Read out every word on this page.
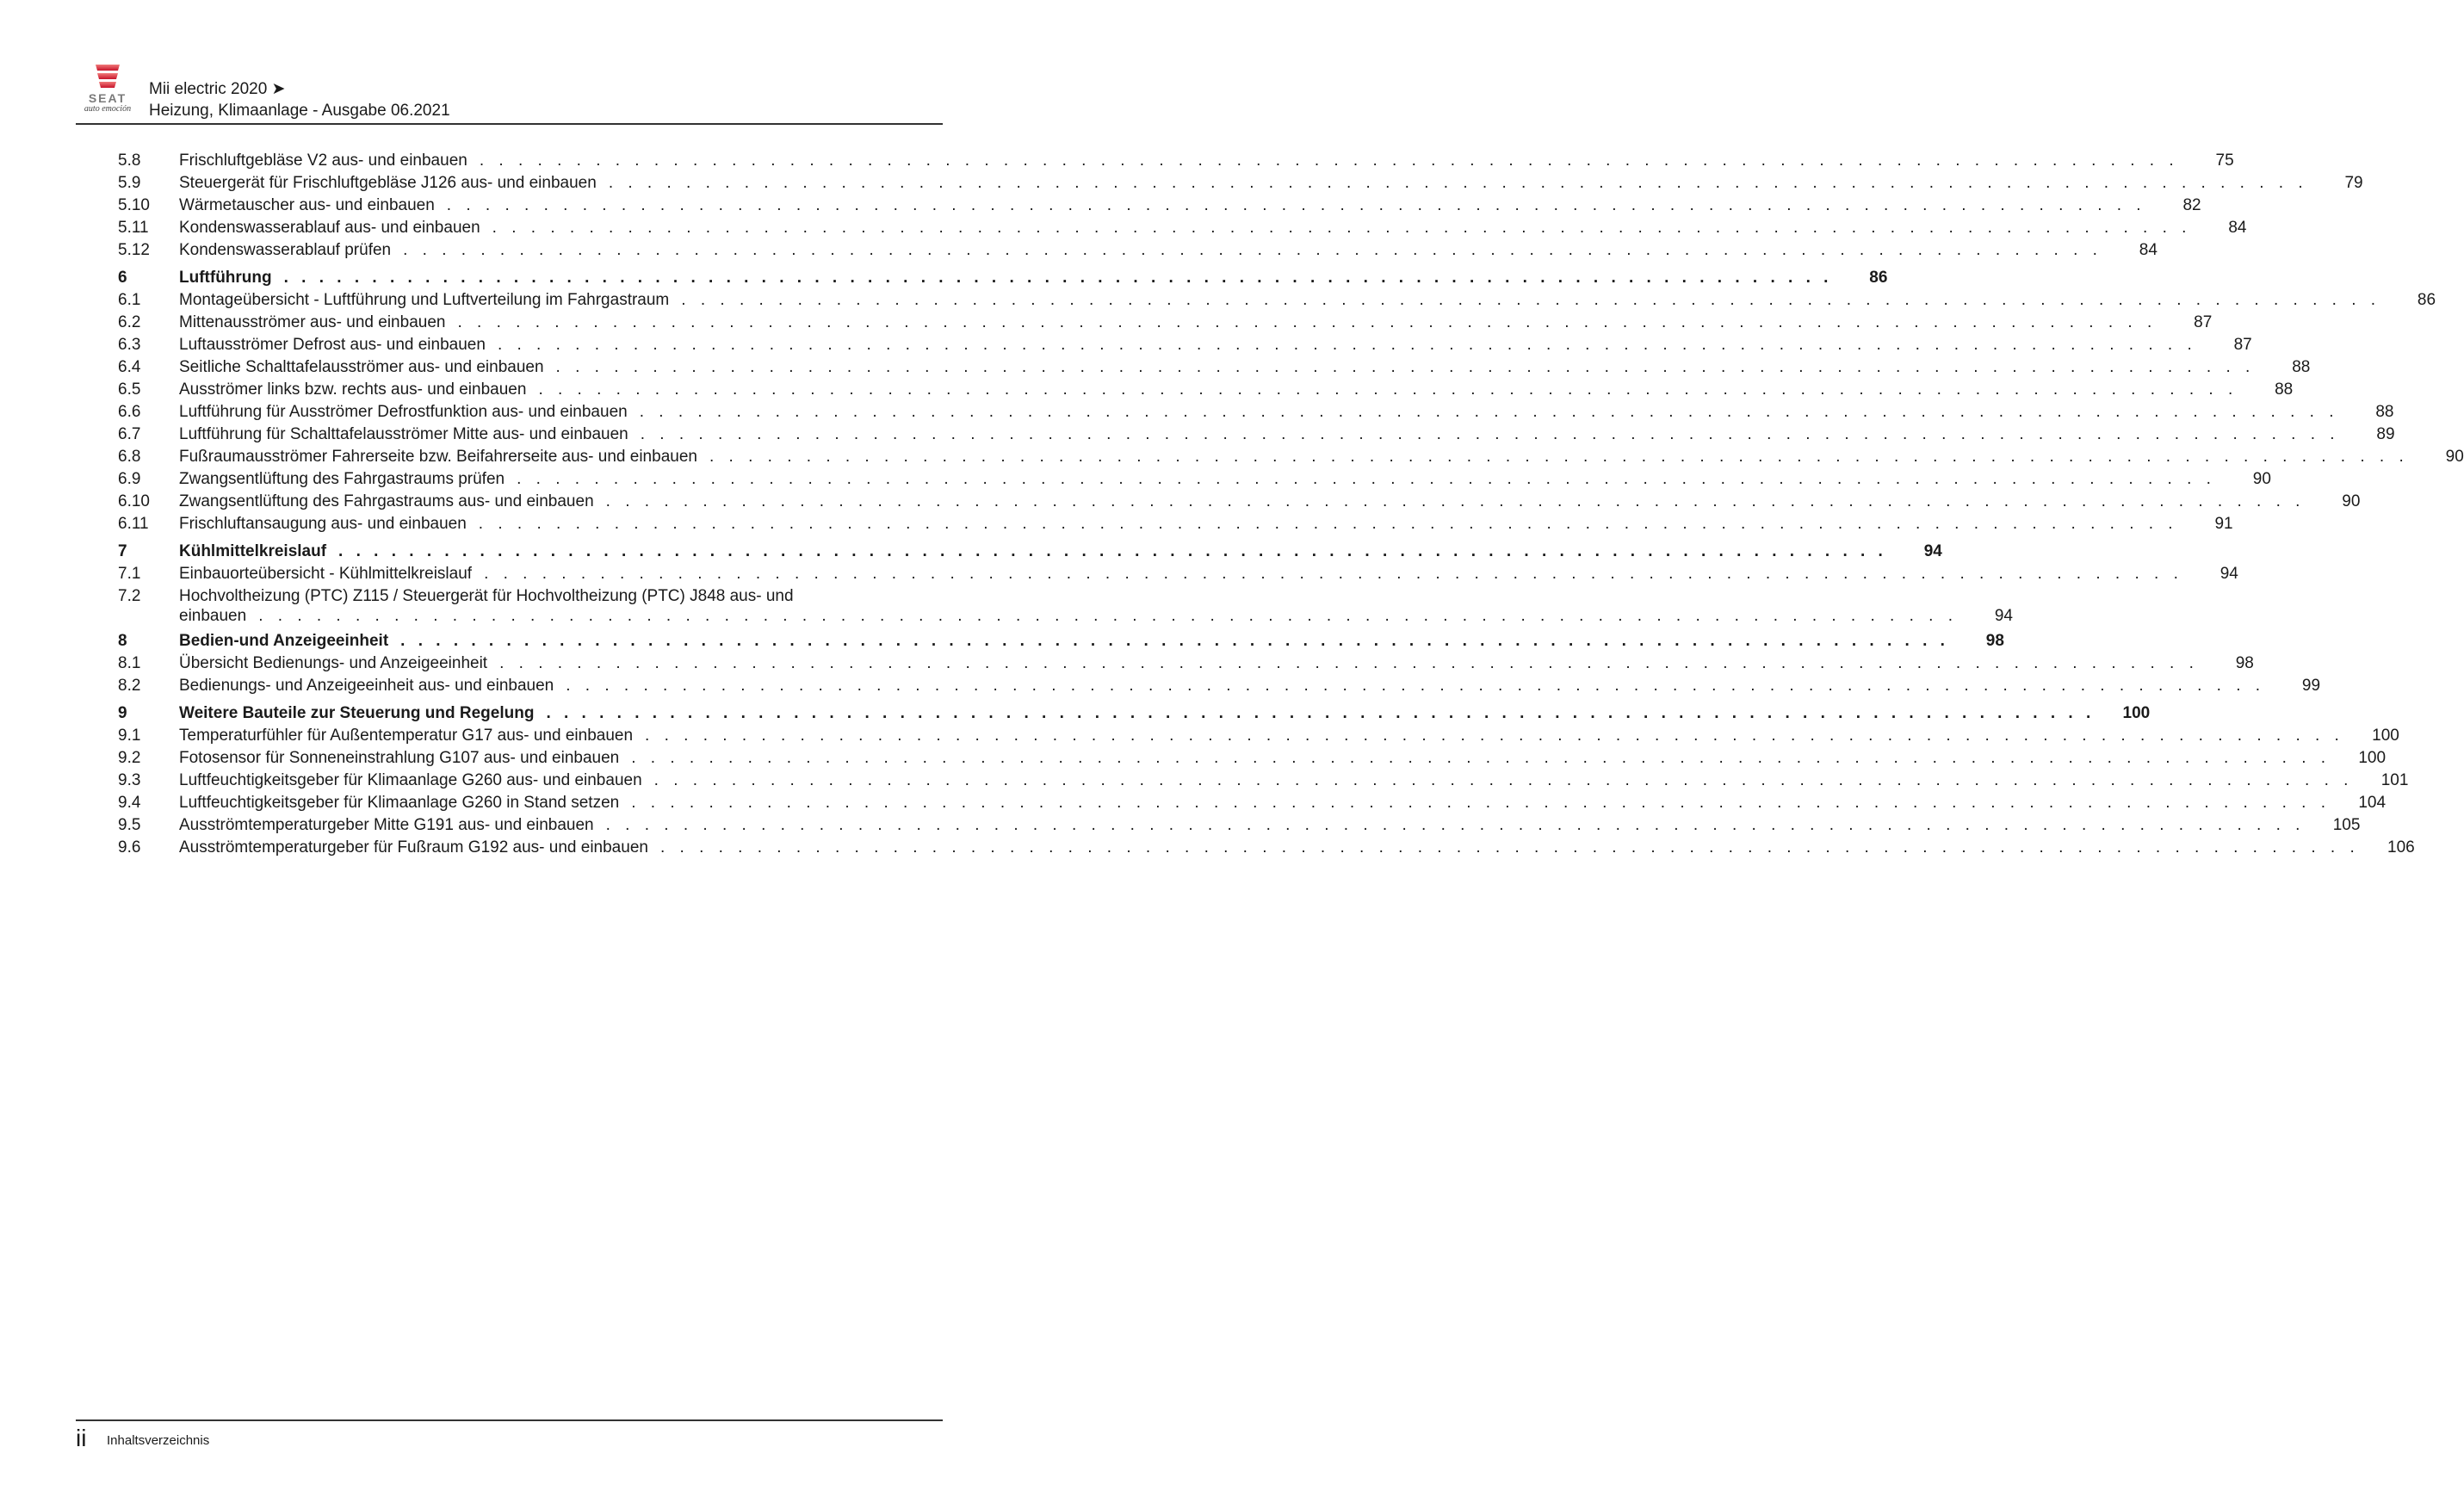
SEAT
auto emoción
Mii electric 2020 ➤
Heizung, Klimaanlage - Ausgabe 06.2021
5.8	Frischluftgebläse V2 aus- und einbauen . . . . . . . . . . . . . . . . . . . . . . . . . . . . . . . . . . . . . . . . . . . . . . . . . . . . . . . . . . . . . . . . . . . . . . . . . . . . . . . . . . . . . . . .	75
5.9	Steuergerät für Frischluftgebläse J126 aus- und einbauen . . . . . . . . . . . . . . . . . . . . . . . . . . . . . . . . . . . . . . . . . . . . . . . . . . . . . . . . . . . . . . . . . . . . . . . . . . . . . . . . . . . . . . . .	79
5.10	Wärmetauscher aus- und einbauen . . . . . . . . . . . . . . . . . . . . . . . . . . . . . . . . . . . . . . . . . . . . . . . . . . . . . . . . . . . . . . . . . . . . . . . . . . . . . . . . . . . . . . . .	82
5.11	Kondenswasserablauf aus- und einbauen . . . . . . . . . . . . . . . . . . . . . . . . . . . . . . . . . . . . . . . . . . . . . . . . . . . . . . . . . . . . . . . . . . . . . . . . . . . . . . . . . . . . . . . .	84
5.12	Kondenswasserablauf prüfen . . . . . . . . . . . . . . . . . . . . . . . . . . . . . . . . . . . . . . . . . . . . . . . . . . . . . . . . . . . . . . . . . . . . . . . . . . . . . . . . . . . . . . . .	84
6	Luftführung . . . . . . . . . . . . . . . . . . . . . . . . . . . . . . . . . . . . . . . . . . . . . . . . . . . . . . . . . . . . . . . . . . . . . . . . . . . . . . . . . . . . . . . .	86
6.1	Montageübersicht - Luftführung und Luftverteilung im Fahrgastraum . . . . . . . . . . . . . . . . . . . . . . . . . . . . . . . . . . . . . . . . . . . . . . . . . . . . . . . . . . . . . . . . . . . . . . . . . . . . . . . . . . . . . . . .	86
6.2	Mittenausströmer aus- und einbauen . . . . . . . . . . . . . . . . . . . . . . . . . . . . . . . . . . . . . . . . . . . . . . . . . . . . . . . . . . . . . . . . . . . . . . . . . . . . . . . . . . . . . . . .	87
6.3	Luftausströmer Defrost aus- und einbauen . . . . . . . . . . . . . . . . . . . . . . . . . . . . . . . . . . . . . . . . . . . . . . . . . . . . . . . . . . . . . . . . . . . . . . . . . . . . . . . . . . . . . . . .	87
6.4	Seitliche Schalttafelausströmer aus- und einbauen . . . . . . . . . . . . . . . . . . . . . . . . . . . . . . . . . . . . . . . . . . . . . . . . . . . . . . . . . . . . . . . . . . . . . . . . . . . . . . . . . . . . . . . .	88
6.5	Ausströmer links bzw. rechts aus- und einbauen . . . . . . . . . . . . . . . . . . . . . . . . . . . . . . . . . . . . . . . . . . . . . . . . . . . . . . . . . . . . . . . . . . . . . . . . . . . . . . . . . . . . . . . .	88
6.6	Luftführung für Ausströmer Defrostfunktion aus- und einbauen . . . . . . . . . . . . . . . . . . . . . . . . . . . . . . . . . . . . . . . . . . . . . . . . . . . . . . . . . . . . . . . . . . . . . . . . . . . . . . . . . . . . . . . .	88
6.7	Luftführung für Schalttafelausströmer Mitte aus- und einbauen . . . . . . . . . . . . . . . . . . . . . . . . . . . . . . . . . . . . . . . . . . . . . . . . . . . . . . . . . . . . . . . . . . . . . . . . . . . . . . . . . . . . . . . .	89
6.8	Fußraumausströmer Fahrerseite bzw. Beifahrerseite aus- und einbauen . . . . . . . . . . . . . . . . . . . . . . . . . . . . . . . . . . . . . . . . . . . . . . . . . . . . . . . . . . . . . . . . . . . . . . . . . . . . . . . . . . . . . . . .	90
6.9	Zwangsentlüftung des Fahrgastraums prüfen . . . . . . . . . . . . . . . . . . . . . . . . . . . . . . . . . . . . . . . . . . . . . . . . . . . . . . . . . . . . . . . . . . . . . . . . . . . . . . . . . . . . . . . .	90
6.10	Zwangsentlüftung des Fahrgastraums aus- und einbauen . . . . . . . . . . . . . . . . . . . . . . . . . . . . . . . . . . . . . . . . . . . . . . . . . . . . . . . . . . . . . . . . . . . . . . . . . . . . . . . . . . . . . . . .	90
6.11	Frischluftansaugung aus- und einbauen . . . . . . . . . . . . . . . . . . . . . . . . . . . . . . . . . . . . . . . . . . . . . . . . . . . . . . . . . . . . . . . . . . . . . . . . . . . . . . . . . . . . . . . .	91
7	Kühlmittelkreislauf . . . . . . . . . . . . . . . . . . . . . . . . . . . . . . . . . . . . . . . . . . . . . . . . . . . . . . . . . . . . . . . . . . . . . . . . . . . . . . . . . . . . . . . .	94
7.1	Einbauorteübersicht - Kühlmittelkreislauf . . . . . . . . . . . . . . . . . . . . . . . . . . . . . . . . . . . . . . . . . . . . . . . . . . . . . . . . . . . . . . . . . . . . . . . . . . . . . . . . . . . . . . . .	94
7.2	Hochvoltheizung (PTC) Z115 / Steuergerät für Hochvoltheizung (PTC) J848 aus- und
einbauen . . . . . . . . . . . . . . . . . . . . . . . . . . . . . . . . . . . . . . . . . . . . . . . . . . . . . . . . . . . . . . . . . . . . . . . . . . . . . . . . . . . . . . . .	94
8	Bedien-und Anzeigeeinheit . . . . . . . . . . . . . . . . . . . . . . . . . . . . . . . . . . . . . . . . . . . . . . . . . . . . . . . . . . . . . . . . . . . . . . . . . . . . . . . . . . . . . . . .	98
8.1	Übersicht Bedienungs- und Anzeigeeinheit . . . . . . . . . . . . . . . . . . . . . . . . . . . . . . . . . . . . . . . . . . . . . . . . . . . . . . . . . . . . . . . . . . . . . . . . . . . . . . . . . . . . . . . .	98
8.2	Bedienungs- und Anzeigeeinheit aus- und einbauen . . . . . . . . . . . . . . . . . . . . . . . . . . . . . . . . . . . . . . . . . . . . . . . . . . . . . . . . . . . . . . . . . . . . . . . . . . . . . . . . . . . . . . . .	99
9	Weitere Bauteile zur Steuerung und Regelung . . . . . . . . . . . . . . . . . . . . . . . . . . . . . . . . . . . . . . . . . . . . . . . . . . . . . . . . . . . . . . . . . . . . . . . . . . . . . . . . . . . . . . . .	100
9.1	Temperaturfühler für Außentemperatur G17 aus- und einbauen . . . . . . . . . . . . . . . . . . . . . . . . . . . . . . . . . . . . . . . . . . . . . . . . . . . . . . . . . . . . . . . . . . . . . . . . . . . . . . . . . . . . . . . .	100
9.2	Fotosensor für Sonneneinstrahlung G107 aus- und einbauen . . . . . . . . . . . . . . . . . . . . . . . . . . . . . . . . . . . . . . . . . . . . . . . . . . . . . . . . . . . . . . . . . . . . . . . . . . . . . . . . . . . . . . . .	100
9.3	Luftfeuchtigkeitsgeber für Klimaanlage G260 aus- und einbauen . . . . . . . . . . . . . . . . . . . . . . . . . . . . . . . . . . . . . . . . . . . . . . . . . . . . . . . . . . . . . . . . . . . . . . . . . . . . . . . . . . . . . . . .	101
9.4	Luftfeuchtigkeitsgeber für Klimaanlage G260 in Stand setzen . . . . . . . . . . . . . . . . . . . . . . . . . . . . . . . . . . . . . . . . . . . . . . . . . . . . . . . . . . . . . . . . . . . . . . . . . . . . . . . . . . . . . . . .	104
9.5	Ausströmtemperaturgeber Mitte G191 aus- und einbauen . . . . . . . . . . . . . . . . . . . . . . . . . . . . . . . . . . . . . . . . . . . . . . . . . . . . . . . . . . . . . . . . . . . . . . . . . . . . . . . . . . . . . . . .	105
9.6	Ausströmtemperaturgeber für Fußraum G192 aus- und einbauen . . . . . . . . . . . . . . . . . . . . . . . . . . . . . . . . . . . . . . . . . . . . . . . . . . . . . . . . . . . . . . . . . . . . . . . . . . . . . . . . . . . . . . . .	106
ii Inhaltsverzeichnis
